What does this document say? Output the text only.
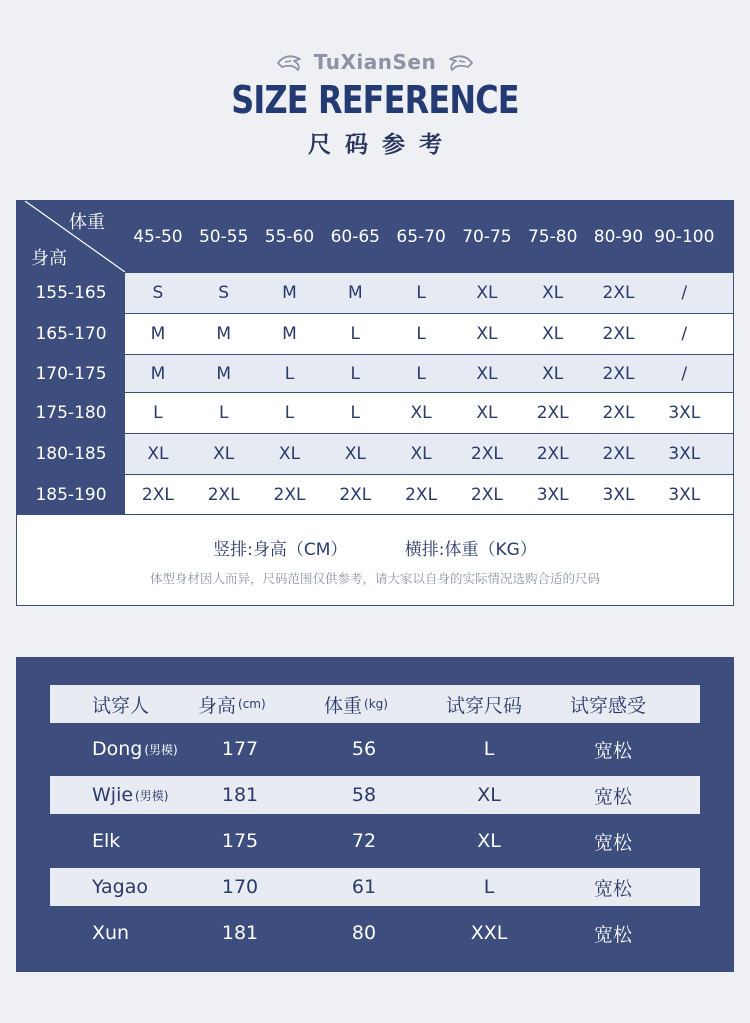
TuXianSen
SIZE REFERENCE
尺码参考
体重
身高
45-50 50-55 55-60 60-65 65-70 70-75 75-80 80-90 90-100
155-165	S	S	M	M	L	XL	XL	2XL	/
165-170	M	M	M	L	L	XL	XL	2XL	/
170-175	M	M	L	L	L	XL	XL	2XL	/
175-180	L	L	L	L	XL	XL	2XL	2XL	3XL
180-185	XL	XL	XL	XL	XL	2XL	2XL	2XL	3XL
185-190	2XL	2XL	2XL	2XL	2XL	2XL	3XL	3XL	3XL
竖排:身高（CM）	横排:体重（KG）
体型身材因人而异，尺码范围仅供参考，请大家以自身的实际情况选购合适的尺码
试穿人	身高 (cm)	体重 (kg)	试穿尺码	试穿感受
Dong (男模)	177	56	L	宽松
Wjie (男模)	181	58	XL	宽松
Elk	175	72	XL	宽松
Yagao	170	61	L	宽松
Xun	181	80	XXL	宽松
